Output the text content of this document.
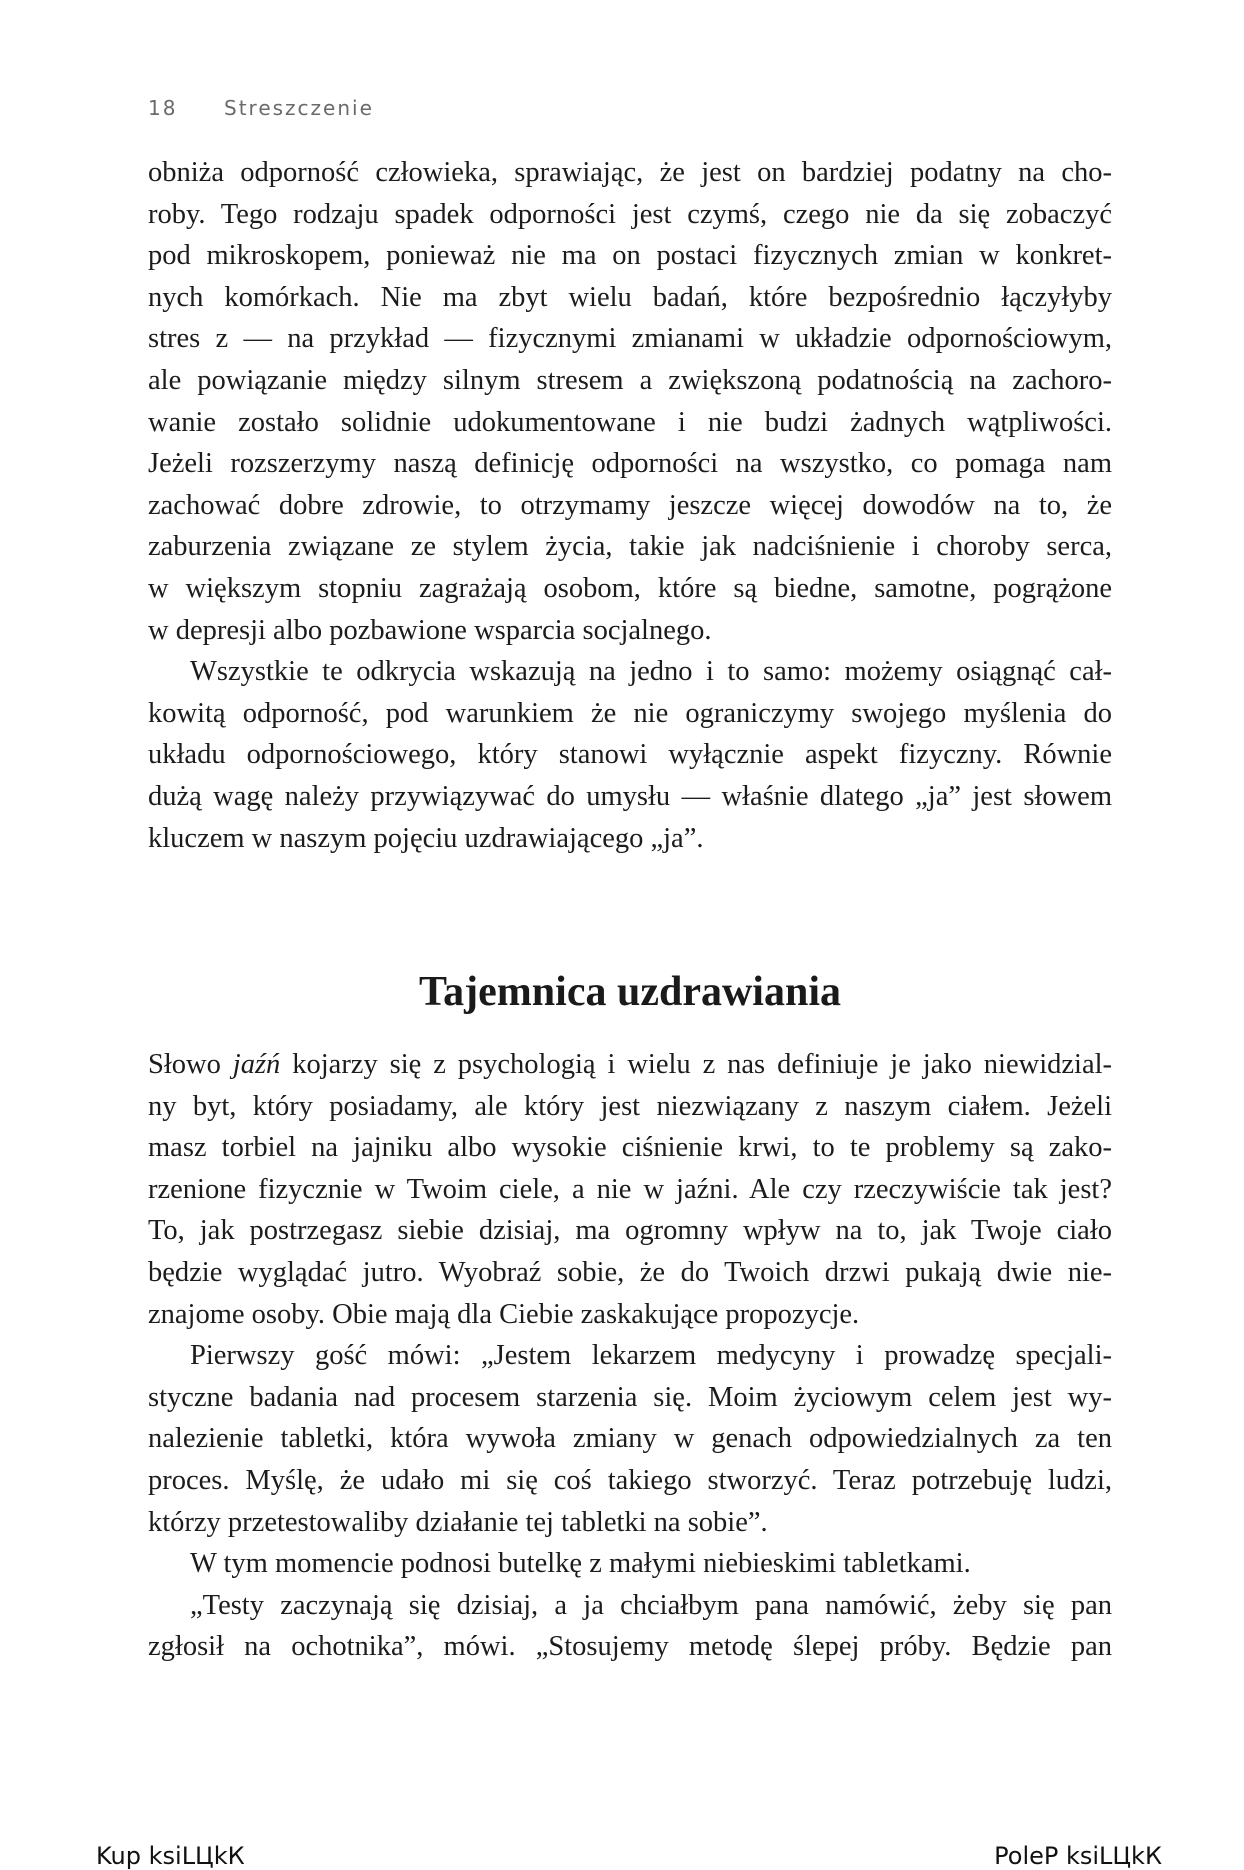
18 Streszczenie
obniża odporność człowieka, sprawiając, że jest on bardziej podatny na cho-
roby. Tego rodzaju spadek odporności jest czymś, czego nie da się zobaczyć
pod mikroskopem, ponieważ nie ma on postaci fizycznych zmian w konkret-
nych komórkach. Nie ma zbyt wielu badań, które bezpośrednio łączyłyby
stres z — na przykład — fizycznymi zmianami w układzie odpornościowym,
ale powiązanie między silnym stresem a zwiększoną podatnością na zachoro-
wanie zostało solidnie udokumentowane i nie budzi żadnych wątpliwości.
Jeżeli rozszerzymy naszą definicję odporności na wszystko, co pomaga nam
zachować dobre zdrowie, to otrzymamy jeszcze więcej dowodów na to, że
zaburzenia związane ze stylem życia, takie jak nadciśnienie i choroby serca,
w większym stopniu zagrażają osobom, które są biedne, samotne, pogrążone
w depresji albo pozbawione wsparcia socjalnego.
Wszystkie te odkrycia wskazują na jedno i to samo: możemy osiągnąć cał-
kowitą odporność, pod warunkiem że nie ograniczymy swojego myślenia do
układu odpornościowego, który stanowi wyłącznie aspekt fizyczny. Równie
dużą wagę należy przywiązywać do umysłu — właśnie dlatego „ja” jest słowem
kluczem w naszym pojęciu uzdrawiającego „ja”.
Tajemnica uzdrawiania
Słowo jaźń kojarzy się z psychologią i wielu z nas definiuje je jako niewidzial-
ny byt, który posiadamy, ale który jest niezwiązany z naszym ciałem. Jeżeli
masz torbiel na jajniku albo wysokie ciśnienie krwi, to te problemy są zako-
rzenione fizycznie w Twoim ciele, a nie w jaźni. Ale czy rzeczywiście tak jest?
To, jak postrzegasz siebie dzisiaj, ma ogromny wpływ na to, jak Twoje ciało
będzie wyglądać jutro. Wyobraź sobie, że do Twoich drzwi pukają dwie nie-
znajome osoby. Obie mają dla Ciebie zaskakujące propozycje.
Pierwszy gość mówi: „Jestem lekarzem medycyny i prowadzę specjali-
styczne badania nad procesem starzenia się. Moim życiowym celem jest wy-
nalezienie tabletki, która wywoła zmiany w genach odpowiedzialnych za ten
proces. Myślę, że udało mi się coś takiego stworzyć. Teraz potrzebuję ludzi,
którzy przetestowaliby działanie tej tabletki na sobie”.
W tym momencie podnosi butelkę z małymi niebieskimi tabletkami.
„Testy zaczynają się dzisiaj, a ja chciałbym pana namówić, żeby się pan
zgłosił na ochotnika”, mówi. „Stosujemy metodę ślepej próby. Będzie pan
Kup ksiLЦkК	PoleР ksiLЦkК
